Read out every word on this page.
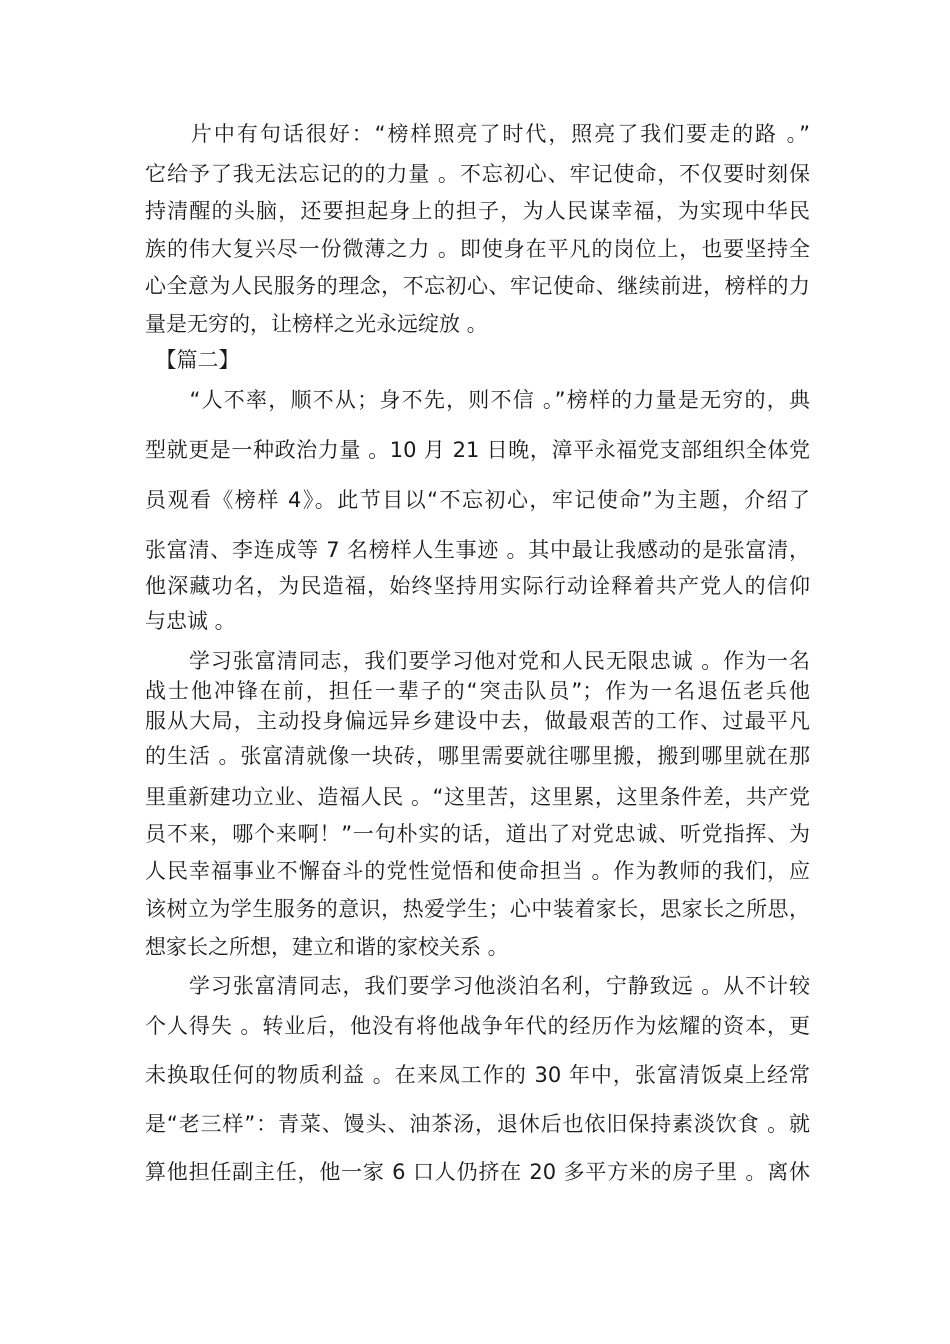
　　片中有句话很好：“榜样照亮了时代，照亮了我们要走的路 。”
它给予了我无法忘记的的力量 。不忘初心、牢记使命，不仅要时刻保
持清醒的头脑，还要担起身上的担子，为人民谋幸福，为实现中华民
族的伟大复兴尽一份微薄之力 。即使身在平凡的岗位上，也要坚持全
心全意为人民服务的理念，不忘初心、牢记使命、继续前进，榜样的力
量是无穷的，让榜样之光永远绽放 。
　【篇二】
　　“人不率，顺不从；身不先，则不信 。”榜样的力量是无穷的，典
型就更是一种政治力量 。10 月 21 日晚，漳平永福党支部组织全体党
员观看《榜样 4》。此节目以“不忘初心，牢记使命”为主题，介绍了
张富清、李连成等 7 名榜样人生事迹 。其中最让我感动的是张富清，
他深藏功名，为民造福，始终坚持用实际行动诠释着共产党人的信仰
与忠诚 。
　　学习张富清同志，我们要学习他对党和人民无限忠诚 。作为一名
战士他冲锋在前，担任一辈子的“突击队员”；作为一名退伍老兵他
服从大局，主动投身偏远异乡建设中去，做最艰苦的工作、过最平凡
的生活 。张富清就像一块砖，哪里需要就往哪里搬，搬到哪里就在那
里重新建功立业、造福人民 。“这里苦，这里累，这里条件差，共产党
员不来，哪个来啊！”一句朴实的话，道出了对党忠诚、听党指挥、为
人民幸福事业不懈奋斗的党性觉悟和使命担当 。作为教师的我们，应
该树立为学生服务的意识，热爱学生；心中装着家长，思家长之所思，
想家长之所想，建立和谐的家校关系 。
　　学习张富清同志，我们要学习他淡泊名利，宁静致远 。从不计较
个人得失 。转业后，他没有将他战争年代的经历作为炫耀的资本，更
未换取任何的物质利益 。在来凤工作的 30 年中，张富清饭桌上经常
是“老三样”：青菜、馒头、油茶汤，退休后也依旧保持素淡饮食 。就
算他担任副主任，他一家 6 口人仍挤在 20 多平方米的房子里 。离休
